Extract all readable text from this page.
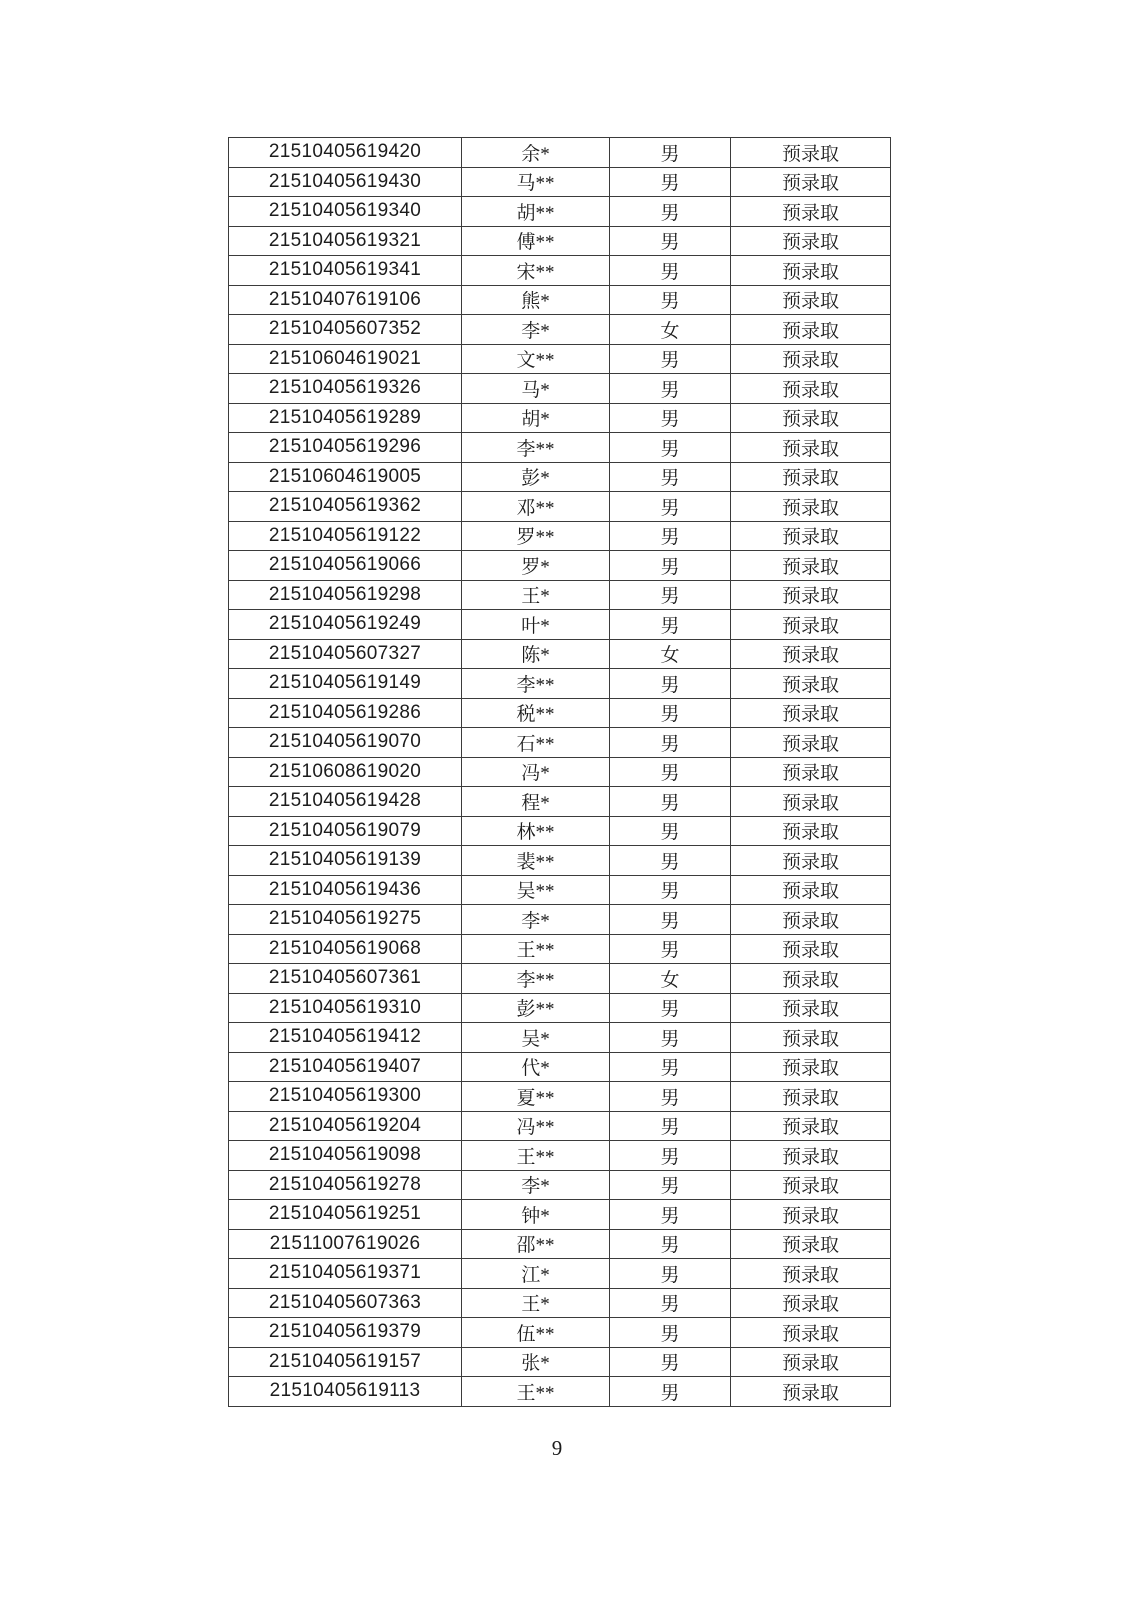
21510405619420	余*	男	预录取
21510405619430	马**	男	预录取
21510405619340	胡**	男	预录取
21510405619321	傅**	男	预录取
21510405619341	宋**	男	预录取
21510407619106	熊*	男	预录取
21510405607352	李*	女	预录取
21510604619021	文**	男	预录取
21510405619326	马*	男	预录取
21510405619289	胡*	男	预录取
21510405619296	李**	男	预录取
21510604619005	彭*	男	预录取
21510405619362	邓**	男	预录取
21510405619122	罗**	男	预录取
21510405619066	罗*	男	预录取
21510405619298	王*	男	预录取
21510405619249	叶*	男	预录取
21510405607327	陈*	女	预录取
21510405619149	李**	男	预录取
21510405619286	税**	男	预录取
21510405619070	石**	男	预录取
21510608619020	冯*	男	预录取
21510405619428	程*	男	预录取
21510405619079	林**	男	预录取
21510405619139	裴**	男	预录取
21510405619436	吴**	男	预录取
21510405619275	李*	男	预录取
21510405619068	王**	男	预录取
21510405607361	李**	女	预录取
21510405619310	彭**	男	预录取
21510405619412	吴*	男	预录取
21510405619407	代*	男	预录取
21510405619300	夏**	男	预录取
21510405619204	冯**	男	预录取
21510405619098	王**	男	预录取
21510405619278	李*	男	预录取
21510405619251	钟*	男	预录取
21511007619026	邵**	男	预录取
21510405619371	江*	男	预录取
21510405607363	王*	男	预录取
21510405619379	伍**	男	预录取
21510405619157	张*	男	预录取
21510405619113	王**	男	预录取
9
